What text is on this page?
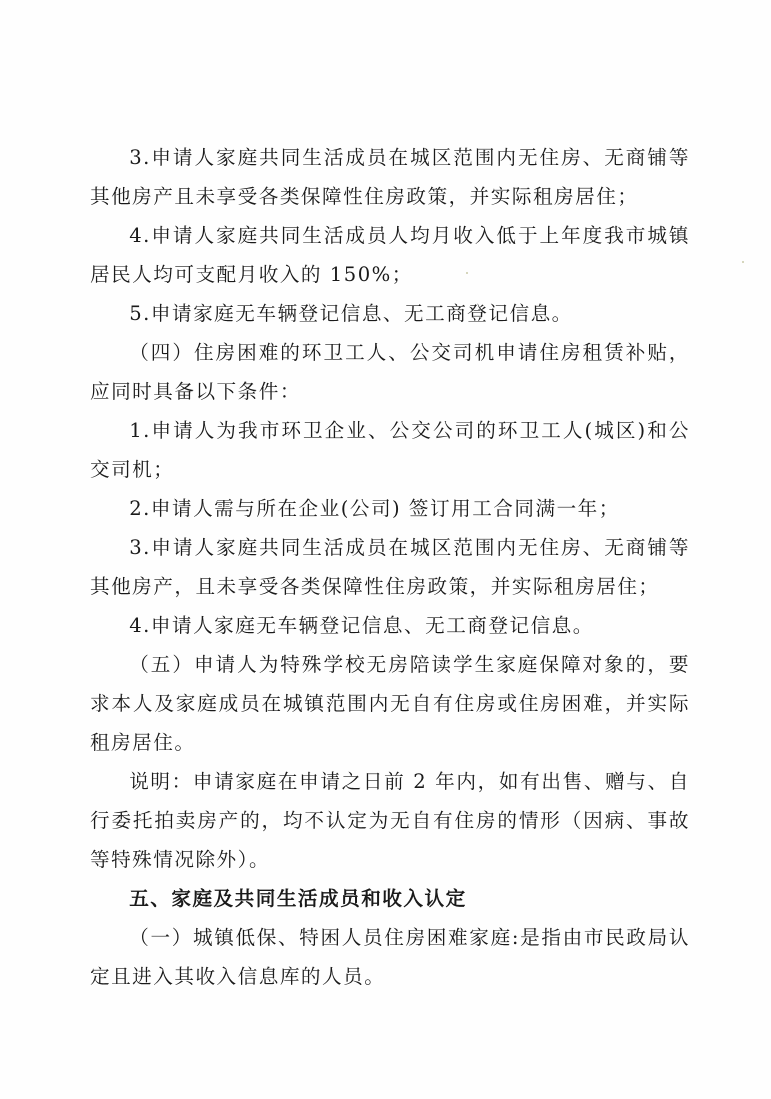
3.申请人家庭共同生活成员在城区范围内无住房、无商铺等其他房产且未享受各类保障性住房政策，并实际租房居住；

4.申请人家庭共同生活成员人均月收入低于上年度我市城镇居民人均可支配月收入的 150%；

5.申请家庭无车辆登记信息、无工商登记信息。

（四）住房困难的环卫工人、公交司机申请住房租赁补贴，应同时具备以下条件：

1.申请人为我市环卫企业、公交公司的环卫工人(城区)和公交司机；

2.申请人需与所在企业(公司) 签订用工合同满一年；

3.申请人家庭共同生活成员在城区范围内无住房、无商铺等其他房产，且未享受各类保障性住房政策，并实际租房居住；

4.申请人家庭无车辆登记信息、无工商登记信息。

（五）申请人为特殊学校无房陪读学生家庭保障对象的，要求本人及家庭成员在城镇范围内无自有住房或住房困难，并实际租房居住。

说明：申请家庭在申请之日前 2 年内，如有出售、赠与、自行委托拍卖房产的，均不认定为无自有住房的情形（因病、事故等特殊情况除外）。

五、家庭及共同生活成员和收入认定

（一）城镇低保、特困人员住房困难家庭:是指由市民政局认定且进入其收入信息库的人员。
